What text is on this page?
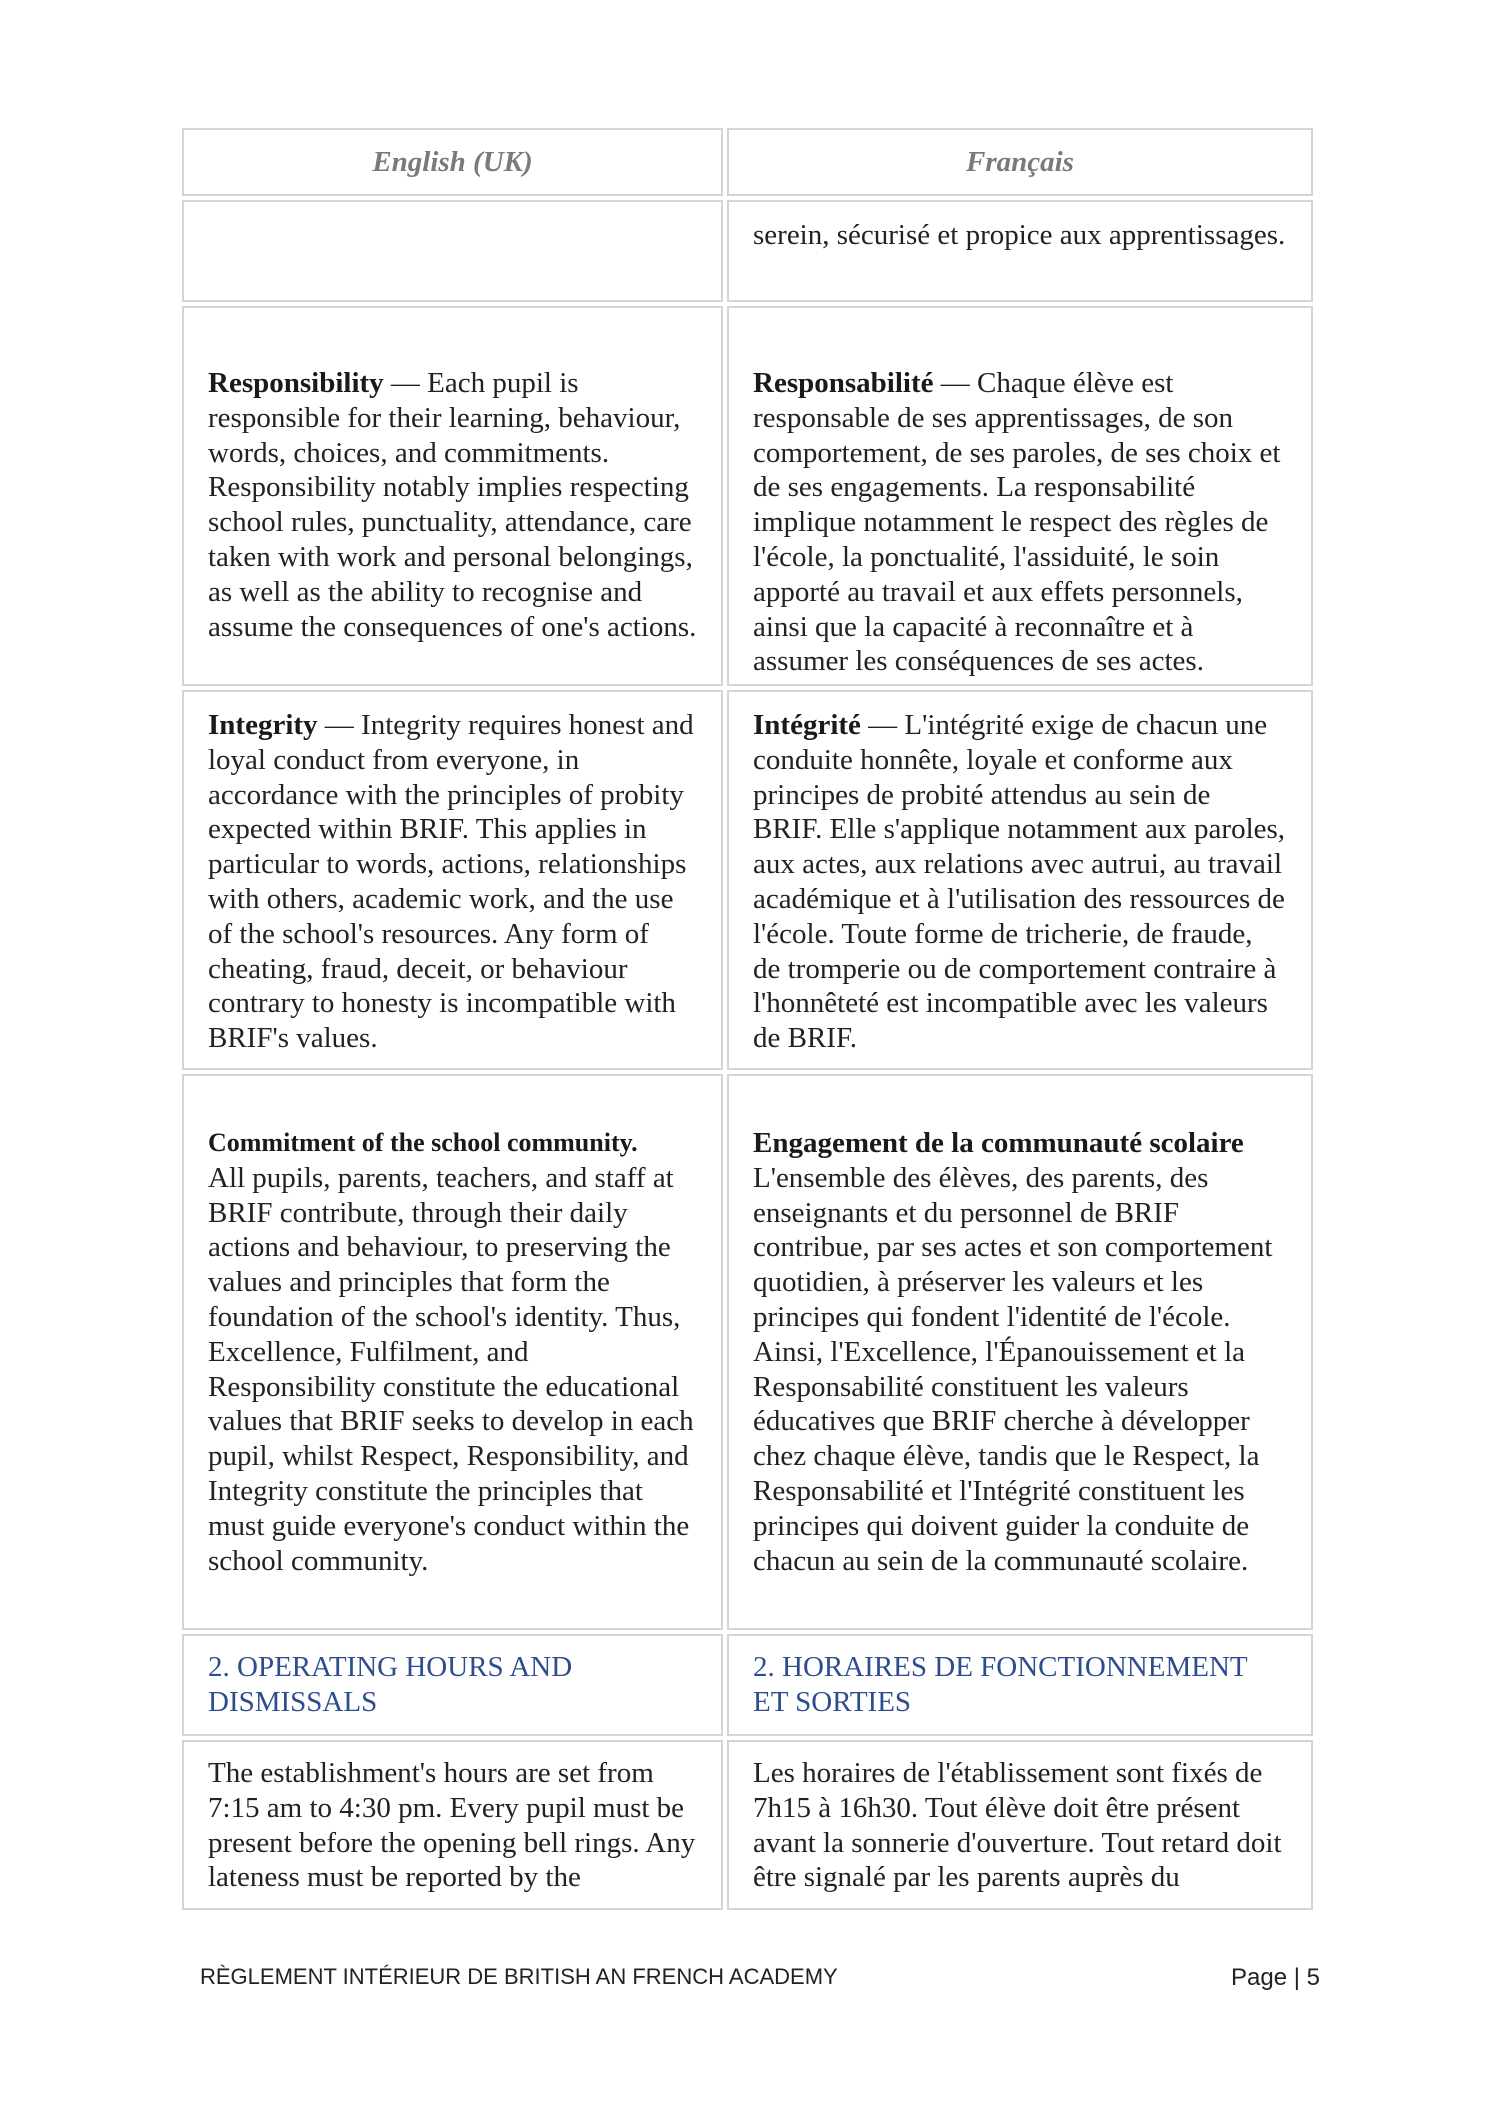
English (UK)	Français
serein, sécurisé et propice aux apprentissages.

Responsibility — Each pupil is responsible for their learning, behaviour, words, choices, and commitments. Responsibility notably implies respecting school rules, punctuality, attendance, care taken with work and personal belongings, as well as the ability to recognise and assume the consequences of one's actions.

Responsabilité — Chaque élève est responsable de ses apprentissages, de son comportement, de ses paroles, de ses choix et de ses engagements. La responsabilité implique notamment le respect des règles de l'école, la ponctualité, l'assiduité, le soin apporté au travail et aux effets personnels, ainsi que la capacité à reconnaître et à assumer les conséquences de ses actes.

Integrity — Integrity requires honest and loyal conduct from everyone, in accordance with the principles of probity expected within BRIF. This applies in particular to words, actions, relationships with others, academic work, and the use of the school's resources. Any form of cheating, fraud, deceit, or behaviour contrary to honesty is incompatible with BRIF's values.

Intégrité — L'intégrité exige de chacun une conduite honnête, loyale et conforme aux principes de probité attendus au sein de BRIF. Elle s'applique notamment aux paroles, aux actes, aux relations avec autrui, au travail académique et à l'utilisation des ressources de l'école. Toute forme de tricherie, de fraude, de tromperie ou de comportement contraire à l'honnêteté est incompatible avec les valeurs de BRIF.

Commitment of the school community.

All pupils, parents, teachers, and staff at BRIF contribute, through their daily actions and behaviour, to preserving the values and principles that form the foundation of the school's identity. Thus, Excellence, Fulfilment, and Responsibility constitute the educational values that BRIF seeks to develop in each pupil, whilst Respect, Responsibility, and Integrity constitute the principles that must guide everyone's conduct within the school community.

Engagement de la communauté scolaire

L'ensemble des élèves, des parents, des enseignants et du personnel de BRIF contribue, par ses actes et son comportement quotidien, à préserver les valeurs et les principes qui fondent l'identité de l'école. Ainsi, l'Excellence, l'Épanouissement et la Responsabilité constituent les valeurs éducatives que BRIF cherche à développer chez chaque élève, tandis que le Respect, la Responsabilité et l'Intégrité constituent les principes qui doivent guider la conduite de chacun au sein de la communauté scolaire.

2. OPERATING HOURS AND DISMISSALS
2. HORAIRES DE FONCTIONNEMENT ET SORTIES

The establishment's hours are set from 7:15 am to 4:30 pm. Every pupil must be present before the opening bell rings. Any lateness must be reported by the

Les horaires de l'établissement sont fixés de 7h15 à 16h30. Tout élève doit être présent avant la sonnerie d'ouverture. Tout retard doit être signalé par les parents auprès du

RÈGLEMENT INTÉRIEUR DE BRITISH AN FRENCH ACADEMY	Page | 5
